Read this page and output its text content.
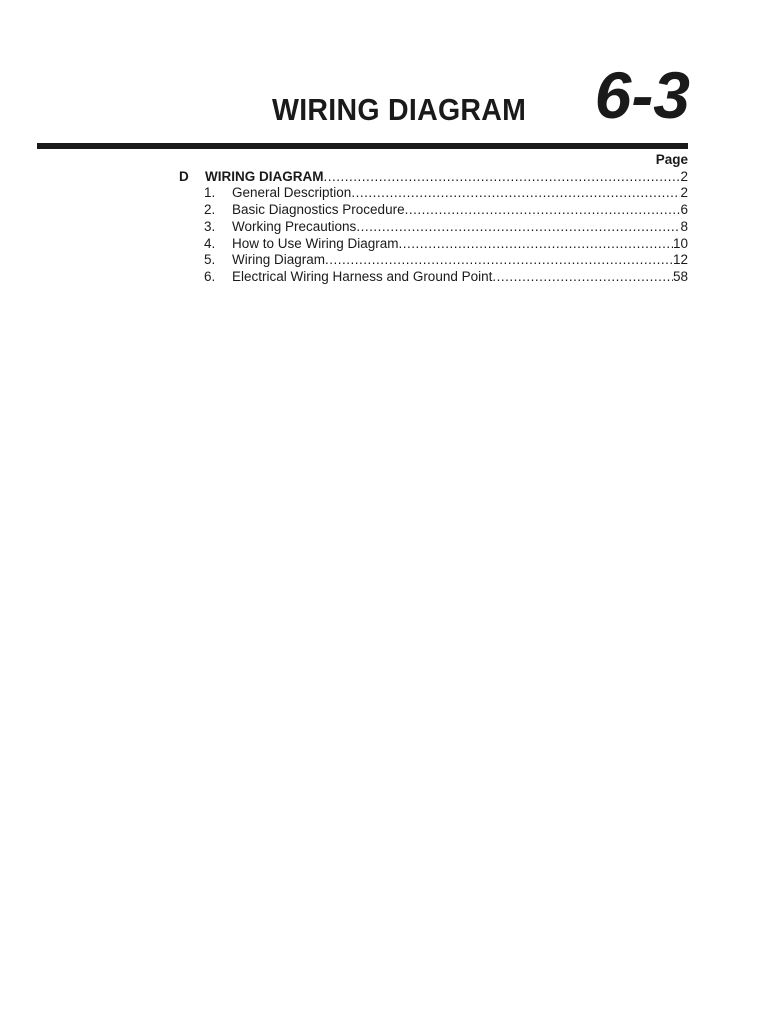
WIRING DIAGRAM 6-3
Page
D WIRING DIAGRAM .....	2
1. General Description .....	2
2. Basic Diagnostics Procedure .....	6
3. Working Precautions .....	8
4. How to Use Wiring Diagram .....	10
5. Wiring Diagram .....	12
6. Electrical Wiring Harness and Ground Point .....	58
